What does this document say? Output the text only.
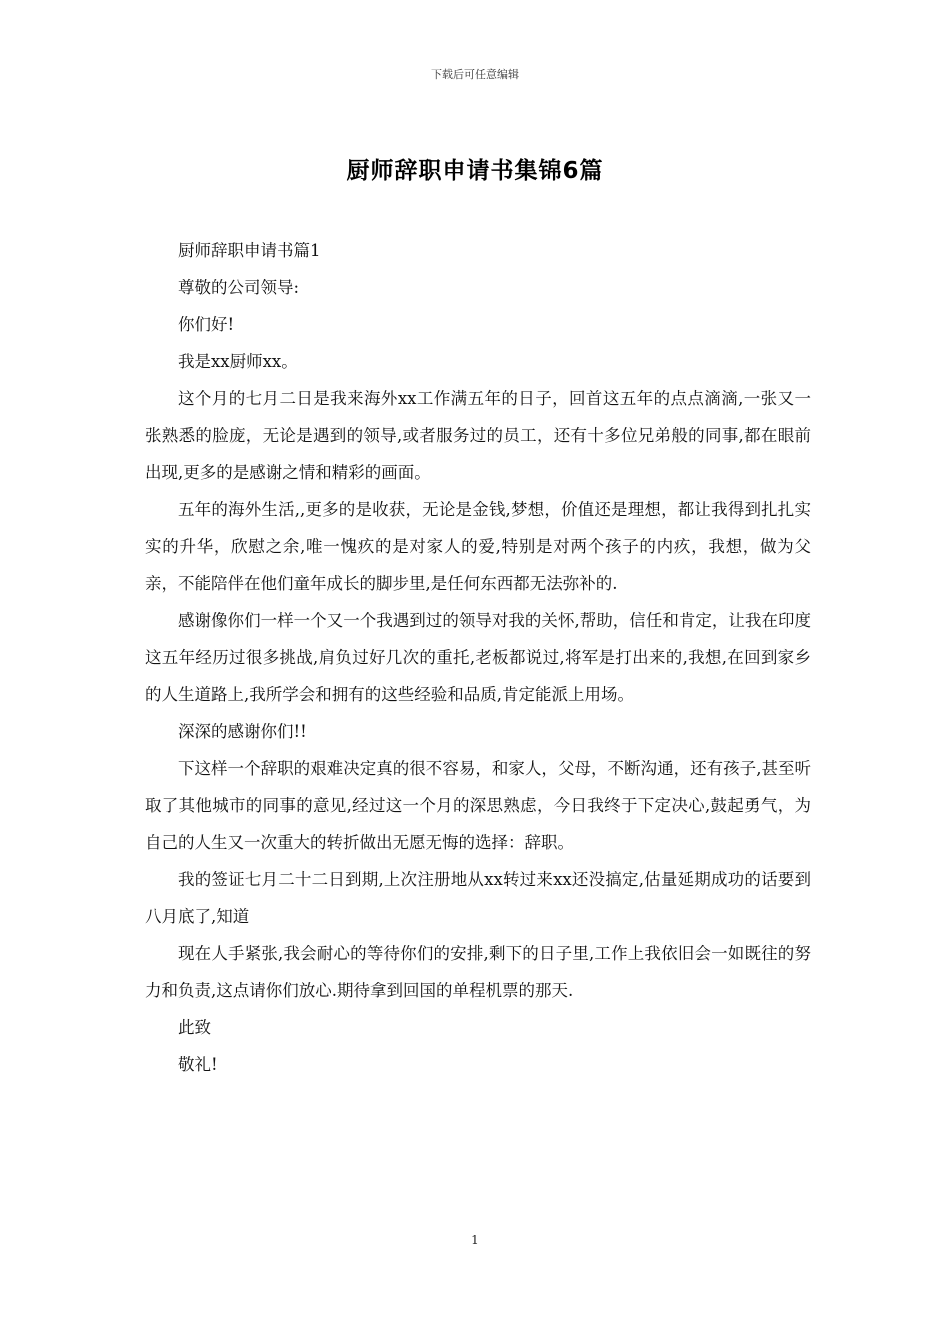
下载后可任意编辑
厨师辞职申请书集锦6篇

厨师辞职申请书篇1

尊敬的公司领导:

你们好!

我是xx厨师xx。

这个月的七月二日是我来海外xx工作满五年的日子，回首这五年的点点滴滴,一张又一张熟悉的脸庞，无论是遇到的领导,或者服务过的员工，还有十多位兄弟般的同事,都在眼前出现,更多的是感谢之情和精彩的画面。

五年的海外生活,,更多的是收获，无论是金钱,梦想，价值还是理想，都让我得到扎扎实实的升华，欣慰之余,唯一愧疚的是对家人的爱,特别是对两个孩子的内疚，我想，做为父亲，不能陪伴在他们童年成长的脚步里,是任何东西都无法弥补的.

感谢像你们一样一个又一个我遇到过的领导对我的关怀,帮助，信任和肯定，让我在印度这五年经历过很多挑战,肩负过好几次的重托,老板都说过,将军是打出来的,我想,在回到家乡的人生道路上,我所学会和拥有的这些经验和品质,肯定能派上用场。

深深的感谢你们!!

下这样一个辞职的艰难决定真的很不容易，和家人，父母，不断沟通，还有孩子,甚至听取了其他城市的同事的意见,经过这一个月的深思熟虑，今日我终于下定决心,鼓起勇气，为自己的人生又一次重大的转折做出无愿无悔的选择：辞职。

我的签证七月二十二日到期,上次注册地从xx转过来xx还没搞定,估量延期成功的话要到八月底了,知道

现在人手紧张,我会耐心的等待你们的安排,剩下的日子里,工作上我依旧会一如既往的努力和负责,这点请你们放心.期待拿到回国的单程机票的那天.

此致

敬礼!

1
